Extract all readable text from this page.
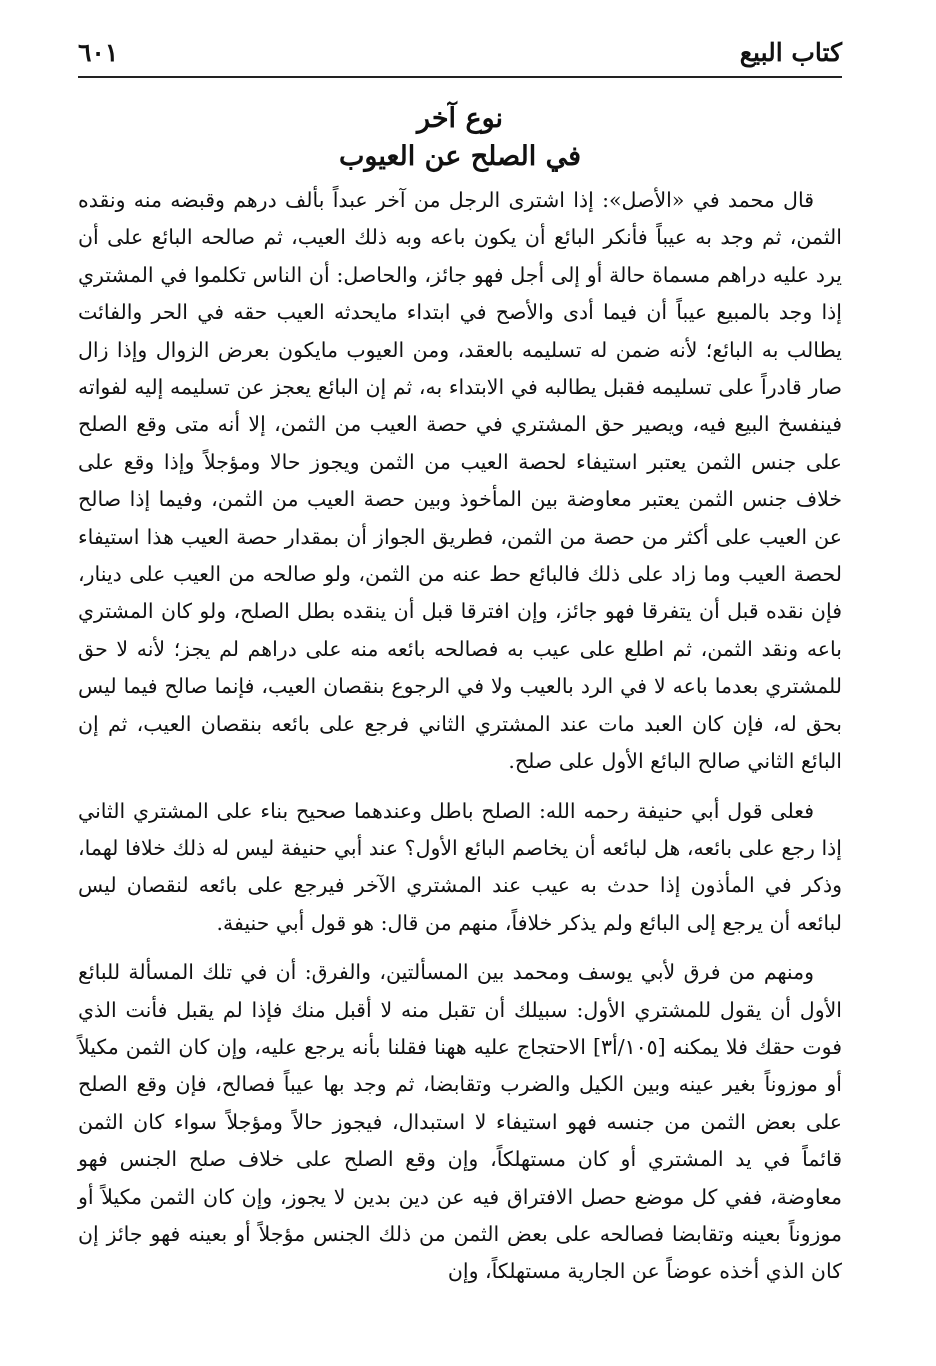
كتاب البيع
٦٠١
نوع آخر
في الصلح عن العيوب

قال محمد في «الأصل»: إذا اشترى الرجل من آخر عبداً بألف درهم وقبضه منه ونقده الثمن، ثم وجد به عيباً فأنكر البائع أن يكون باعه وبه ذلك العيب، ثم صالحه البائع على أن يرد عليه دراهم مسماة حالة أو إلى أجل فهو جائز، والحاصل: أن الناس تكلموا في المشتري إذا وجد بالمبيع عيباً أن فيما أدى والأصح في ابتداء مايحدثه العيب حقه في الحر والفائت يطالب به البائع؛ لأنه ضمن له تسليمه بالعقد، ومن العيوب مايكون بعرض الزوال وإذا زال صار قادراً على تسليمه فقبل يطالبه في الابتداء به، ثم إن البائع يعجز عن تسليمه إليه لفواته فينفسخ البيع فيه، ويصير حق المشتري في حصة العيب من الثمن، إلا أنه متى وقع الصلح على جنس الثمن يعتبر استيفاء لحصة العيب من الثمن ويجوز حالا ومؤجلاً وإذا وقع على خلاف جنس الثمن يعتبر معاوضة بين المأخوذ وبين حصة العيب من الثمن، وفيما إذا صالح عن العيب على أكثر من حصة من الثمن، فطريق الجواز أن بمقدار حصة العيب هذا استيفاء لحصة العيب وما زاد على ذلك فالبائع حط عنه من الثمن، ولو صالحه من العيب على دينار، فإن نقده قبل أن يتفرقا فهو جائز، وإن افترقا قبل أن ينقده بطل الصلح، ولو كان المشتري باعه ونقد الثمن، ثم اطلع على عيب به فصالحه بائعه منه على دراهم لم يجز؛ لأنه لا حق للمشتري بعدما باعه لا في الرد بالعيب ولا في الرجوع بنقصان العيب، فإنما صالح فيما ليس بحق له، فإن كان العبد مات عند المشتري الثاني فرجع على بائعه بنقصان العيب، ثم إن البائع الثاني صالح البائع الأول على صلح.

فعلى قول أبي حنيفة رحمه الله: الصلح باطل وعندهما صحيح بناء على المشتري الثاني إذا رجع على بائعه، هل لبائعه أن يخاصم البائع الأول؟ عند أبي حنيفة ليس له ذلك خلافا لهما، وذكر في المأذون إذا حدث به عيب عند المشتري الآخر فيرجع على بائعه لنقصان ليس لبائعه أن يرجع إلى البائع ولم يذكر خلافاً، منهم من قال: هو قول أبي حنيفة.

ومنهم من فرق لأبي يوسف ومحمد بين المسألتين، والفرق: أن في تلك المسألة للبائع الأول أن يقول للمشتري الأول: سبيلك أن تقبل منه لا أقبل منك فإذا لم يقبل فأنت الذي فوت حقك فلا يمكنه [١٠٥/أ٣] الاحتجاج عليه ههنا فقلنا بأنه يرجع عليه، وإن كان الثمن مكيلاً أو موزوناً بغير عينه وبين الكيل والضرب وتقابضا، ثم وجد بها عيباً فصالح، فإن وقع الصلح على بعض الثمن من جنسه فهو استيفاء لا استبدال، فيجوز حالاً ومؤجلاً سواء كان الثمن قائماً في يد المشتري أو كان مستهلكاً، وإن وقع الصلح على خلاف صلح الجنس فهو معاوضة، ففي كل موضع حصل الافتراق فيه عن دين بدين لا يجوز، وإن كان الثمن مكيلاً أو موزوناً بعينه وتقابضا فصالحه على بعض الثمن من ذلك الجنس مؤجلاً أو بعينه فهو جائز إن كان الذي أخذه عوضاً عن الجارية مستهلكاً، وإن
